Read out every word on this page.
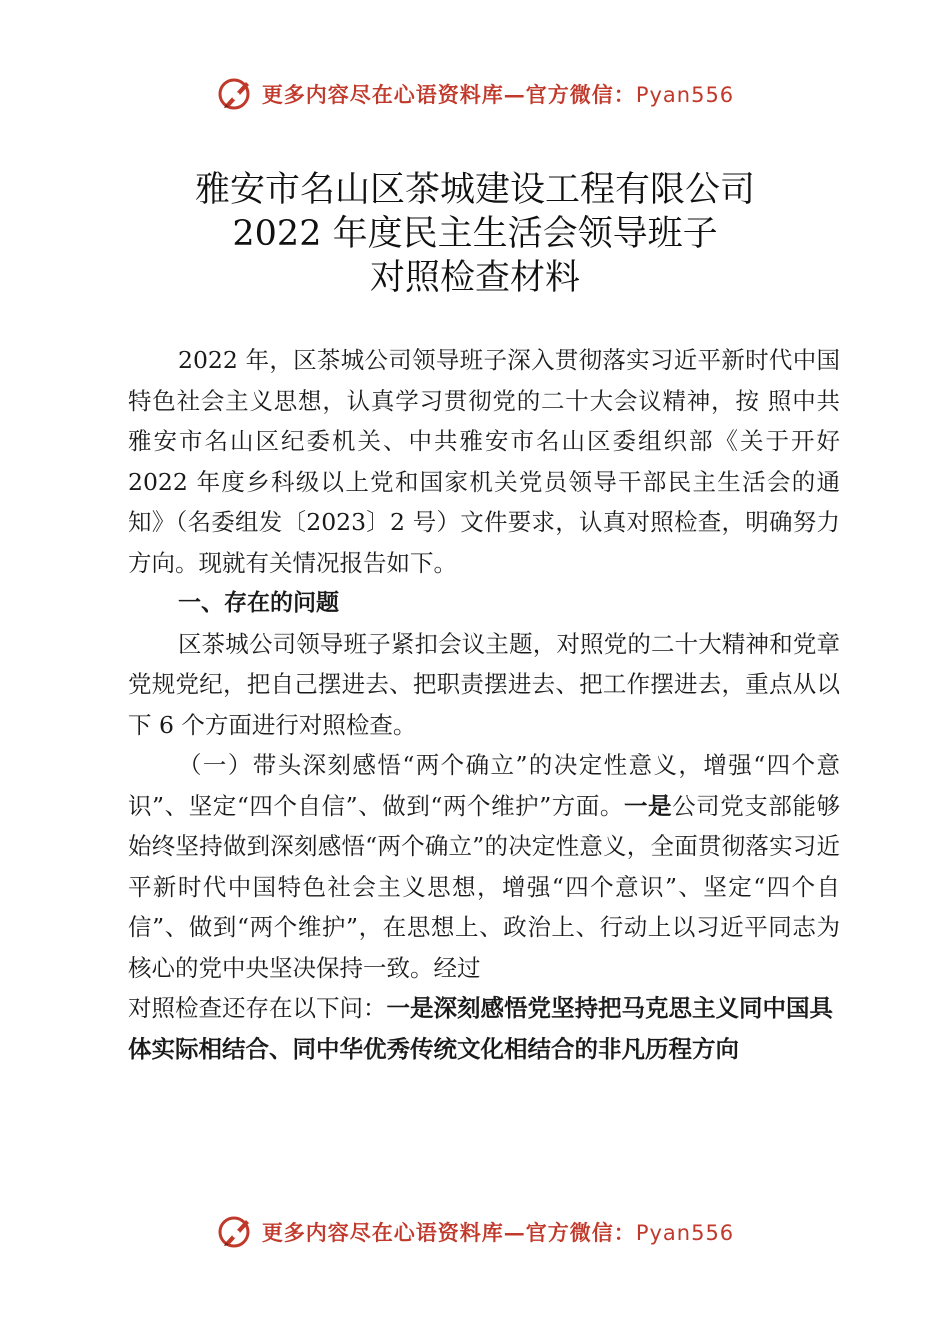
更多内容尽在心语资料库—官方微信：Pyan556
雅安市名山区茶城建设工程有限公司
2022 年度民主生活会领导班子
对照检查材料

2022 年，区茶城公司领导班子深入贯彻落实习近平新时代中国特色社会主义思想，认真学习贯彻党的二十大会议精神，按 照中共雅安市名山区纪委机关、中共雅安市名山区委组织部《关于开好 2022 年度乡科级以上党和国家机关党员领导干部民主生活会的通知》（名委组发〔2023〕2 号）文件要求，认真对照检查，明确努力方向。现就有关情况报告如下。

一、存在的问题

区茶城公司领导班子紧扣会议主题，对照党的二十大精神和党章党规党纪，把自己摆进去、把职责摆进去、把工作摆进去，重点从以下 6 个方面进行对照检查。

（一）带头深刻感悟“两个确立”的决定性意义，增强“四个意识”、坚定“四个自信”、做到“两个维护”方面。一是公司党支部能够始终坚持做到深刻感悟“两个确立”的决定性意义，全面贯彻落实习近平新时代中国特色社会主义思想，增强“四个意识”、坚定“四个自信”、做到“两个维护”，在思想上、政治上、行动上以习近平同志为核心的党中央坚决保持一致。经过

对照检查还存在以下问：一是深刻感悟党坚持把马克思主义同中国具体实际相结合、同中华优秀传统文化相结合的非凡历程方向

更多内容尽在心语资料库—官方微信：Pyan556
